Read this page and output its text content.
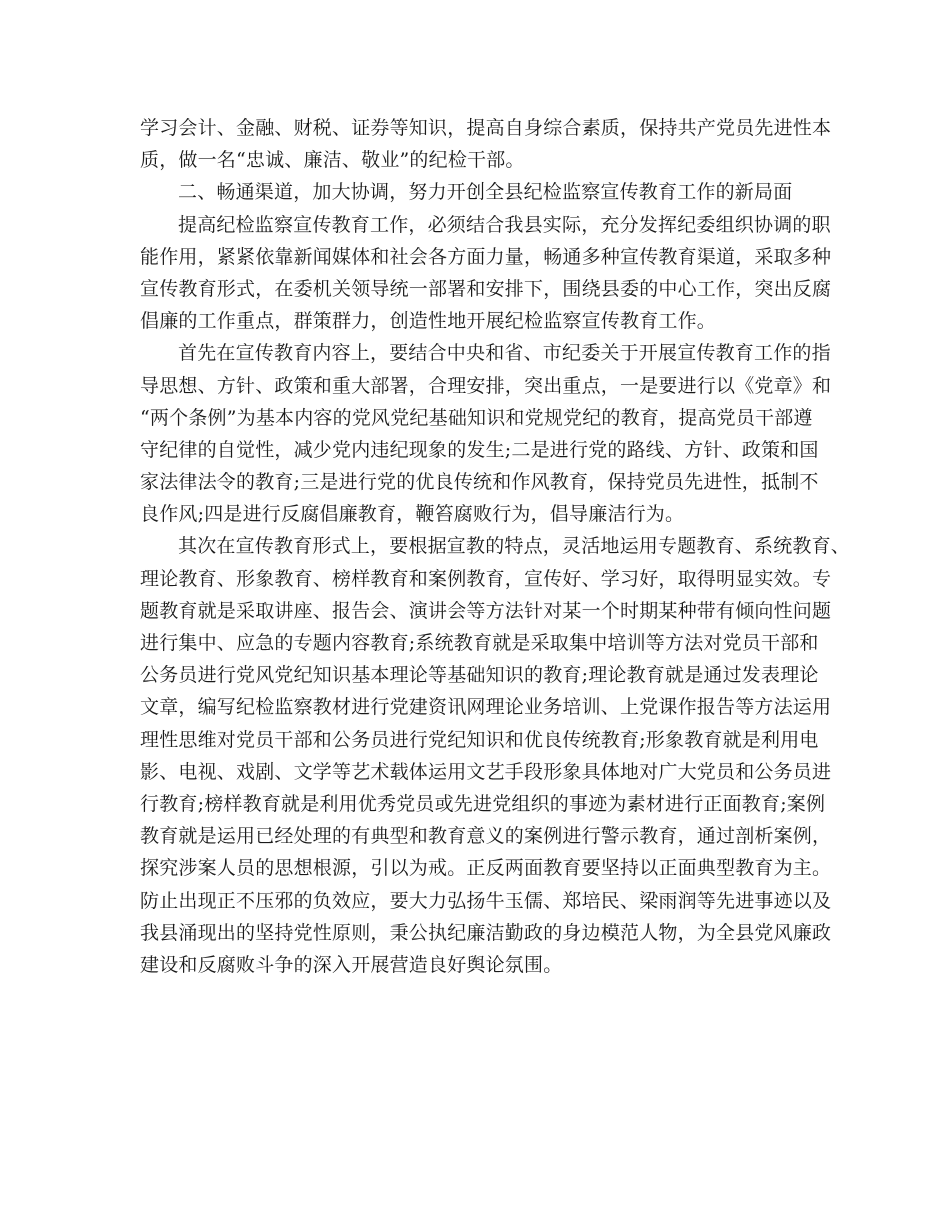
学习会计、金融、财税、证券等知识，提高自身综合素质，保持共产党员先进性本
质，做一名“忠诚、廉洁、敬业”的纪检干部。
二、畅通渠道，加大协调，努力开创全县纪检监察宣传教育工作的新局面
提高纪检监察宣传教育工作，必须结合我县实际，充分发挥纪委组织协调的职
能作用，紧紧依靠新闻媒体和社会各方面力量，畅通多种宣传教育渠道，采取多种
宣传教育形式，在委机关领导统一部署和安排下，围绕县委的中心工作，突出反腐
倡廉的工作重点，群策群力，创造性地开展纪检监察宣传教育工作。
首先在宣传教育内容上，要结合中央和省、市纪委关于开展宣传教育工作的指
导思想、方针、政策和重大部署，合理安排，突出重点，一是要进行以《党章》和
“两个条例”为基本内容的党风党纪基础知识和党规党纪的教育，提高党员干部遵
守纪律的自觉性，减少党内违纪现象的发生;二是进行党的路线、方针、政策和国
家法律法令的教育;三是进行党的优良传统和作风教育，保持党员先进性，抵制不
良作风;四是进行反腐倡廉教育，鞭笞腐败行为，倡导廉洁行为。
其次在宣传教育形式上，要根据宣教的特点，灵活地运用专题教育、系统教育、
理论教育、形象教育、榜样教育和案例教育，宣传好、学习好，取得明显实效。专
题教育就是采取讲座、报告会、演讲会等方法针对某一个时期某种带有倾向性问题
进行集中、应急的专题内容教育;系统教育就是采取集中培训等方法对党员干部和
公务员进行党风党纪知识基本理论等基础知识的教育;理论教育就是通过发表理论
文章，编写纪检监察教材进行党建资讯网理论业务培训、上党课作报告等方法运用
理性思维对党员干部和公务员进行党纪知识和优良传统教育;形象教育就是利用电
影、电视、戏剧、文学等艺术载体运用文艺手段形象具体地对广大党员和公务员进
行教育;榜样教育就是利用优秀党员或先进党组织的事迹为素材进行正面教育;案例
教育就是运用已经处理的有典型和教育意义的案例进行警示教育，通过剖析案例，
探究涉案人员的思想根源，引以为戒。正反两面教育要坚持以正面典型教育为主。
防止出现正不压邪的负效应，要大力弘扬牛玉儒、郑培民、梁雨润等先进事迹以及
我县涌现出的坚持党性原则，秉公执纪廉洁勤政的身边模范人物，为全县党风廉政
建设和反腐败斗争的深入开展营造良好舆论氛围。
